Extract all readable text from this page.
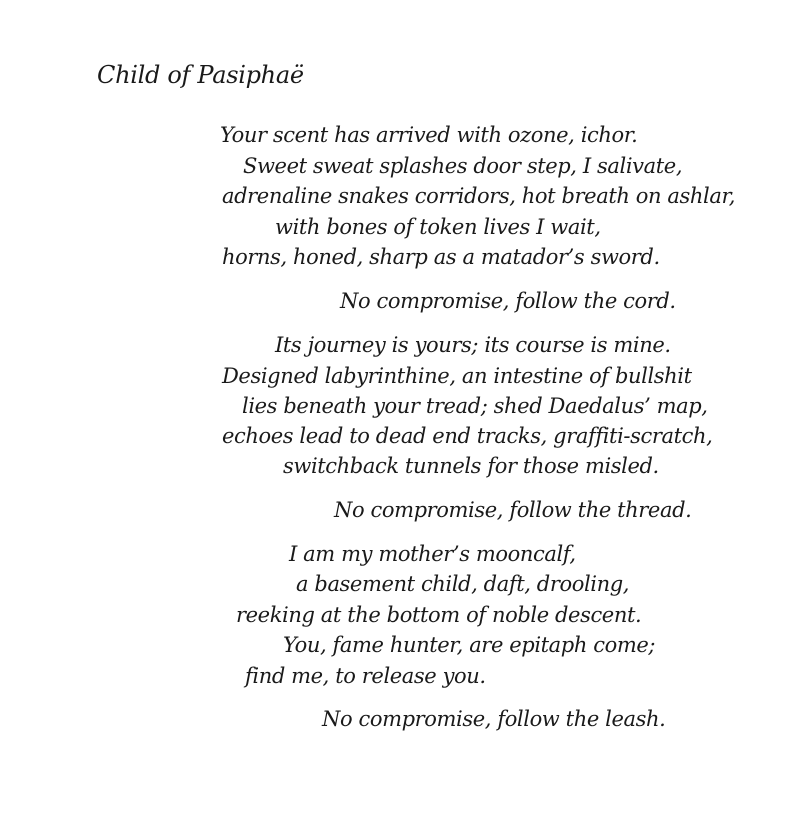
Child of Pasiphaë
Your scent has arrived with ozone, ichor.
Sweet sweat splashes door step, I salivate,
adrenaline snakes corridors, hot breath on ashlar,
with bones of token lives I wait,
horns, honed, sharp as a matador’s sword.
No compromise, follow the cord.
Its journey is yours; its course is mine.
Designed labyrinthine, an intestine of bullshit
lies beneath your tread; shed Daedalus’ map,
echoes lead to dead end tracks, graffiti-scratch,
switchback tunnels for those misled.
No compromise, follow the thread.
I am my mother’s mooncalf,
a basement child, daft, drooling,
reeking at the bottom of noble descent.
You, fame hunter, are epitaph come;
find me, to release you.
No compromise, follow the leash.
